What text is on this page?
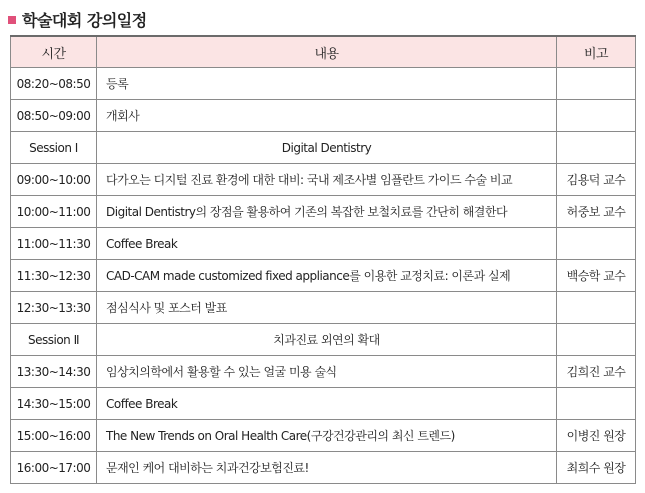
학술대회 강의일정
시간	내용	비고
08:20~08:50	등록	
08:50~09:00	개회사	
Session Ⅰ	Digital Dentistry	
09:00~10:00	다가오는 디지털 진료 환경에 대한 대비: 국내 제조사별 임플란트 가이드 수술 비교	김용덕 교수
10:00~11:00	Digital Dentistry의 장점을 활용하여 기존의 복잡한 보철치료를 간단히 해결한다	허중보 교수
11:00~11:30	Coffee Break	
11:30~12:30	CAD-CAM made customized fixed appliance를 이용한 교정치료: 이론과 실제	백승학 교수
12:30~13:30	점심식사 및 포스터 발표	
Session Ⅱ	치과진료 외연의 확대	
13:30~14:30	임상치의학에서 활용할 수 있는 얼굴 미용 술식	김희진 교수
14:30~15:00	Coffee Break	
15:00~16:00	The New Trends on Oral Health Care(구강건강관리의 최신 트렌드)	이병진 원장
16:00~17:00	문재인 케어 대비하는 치과건강보험진료!	최희수 원장
